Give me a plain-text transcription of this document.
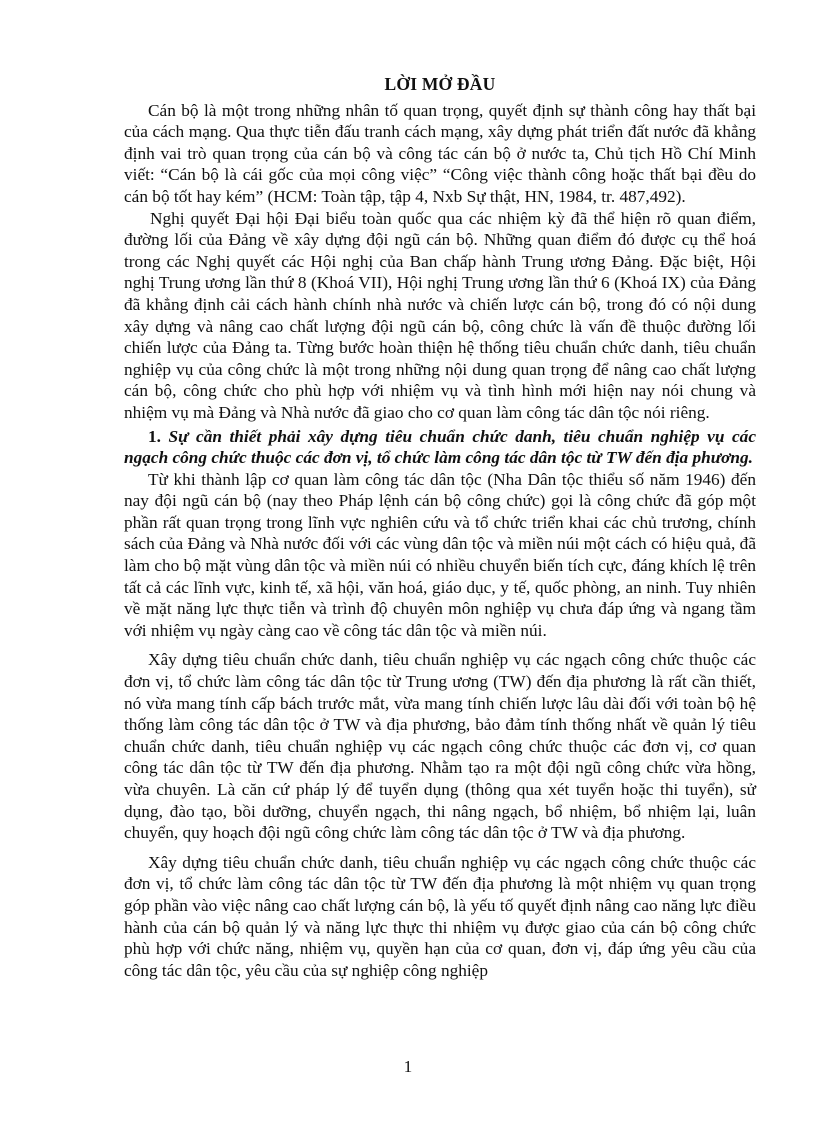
LỜI MỞ ĐẦU

Cán bộ là một trong những nhân tố quan trọng, quyết định sự thành công hay thất bại của cách mạng. Qua thực tiễn đấu tranh cách mạng, xây dựng phát triển đất nước đã khẳng định vai trò quan trọng của cán bộ và công tác cán bộ ở nước ta, Chủ tịch Hồ Chí Minh viết: “Cán bộ là cái gốc của mọi công việc” “Công việc thành công hoặc thất bại đều do cán bộ tốt hay kém” (HCM: Toàn tập, tập 4, Nxb Sự thật, HN, 1984, tr. 487,492).

Nghị quyết Đại hội Đại biểu toàn quốc qua các nhiệm kỳ đã thể hiện rõ quan điểm, đường lối của Đảng về xây dựng đội ngũ cán bộ. Những quan điểm đó được cụ thể hoá trong các Nghị quyết các Hội nghị của Ban chấp hành Trung ương Đảng. Đặc biệt, Hội nghị Trung ương lần thứ 8 (Khoá VII), Hội nghị Trung ương lần thứ 6 (Khoá IX) của Đảng đã khẳng định cải cách hành chính nhà nước và chiến lược cán bộ, trong đó có nội dung xây dựng và nâng cao chất lượng đội ngũ cán bộ, công chức là vấn đề thuộc đường lối chiến lược của Đảng ta. Từng bước hoàn thiện hệ thống tiêu chuẩn chức danh, tiêu chuẩn nghiệp vụ của công chức là một trong những nội dung quan trọng để nâng cao chất lượng cán bộ, công chức cho phù hợp với nhiệm vụ và tình hình mới hiện nay nói chung và nhiệm vụ mà Đảng và Nhà nước đã giao cho cơ quan làm công tác dân tộc nói riêng.

1. Sự cần thiết phải xây dựng tiêu chuẩn chức danh, tiêu chuẩn nghiệp vụ các ngạch công chức thuộc các đơn vị, tổ chức làm công tác dân tộc từ TW đến địa phương.

Từ khi thành lập cơ quan làm công tác dân tộc (Nha Dân tộc thiểu số năm 1946) đến nay đội ngũ cán bộ (nay theo Pháp lệnh cán bộ công chức) gọi là công chức đã góp một phần rất quan trọng trong lĩnh vực nghiên cứu và tổ chức triển khai các chủ trương, chính sách của Đảng và Nhà nước đối với các vùng dân tộc và miền núi một cách có hiệu quả, đã làm cho bộ mặt vùng dân tộc và miền núi có nhiều chuyển biến tích cực, đáng khích lệ trên tất cả các lĩnh vực, kinh tế, xã hội, văn hoá, giáo dục, y tế, quốc phòng, an ninh. Tuy nhiên về mặt năng lực thực tiễn và trình độ chuyên môn nghiệp vụ chưa đáp ứng và ngang tầm với nhiệm vụ ngày càng cao về công tác dân tộc và miền núi.

Xây dựng tiêu chuẩn chức danh, tiêu chuẩn nghiệp vụ các ngạch công chức thuộc các đơn vị, tổ chức làm công tác dân tộc từ Trung ương (TW) đến địa phương là rất cần thiết, nó vừa mang tính cấp bách trước mắt, vừa mang tính chiến lược lâu dài đối với toàn bộ hệ thống làm công tác dân tộc ở TW và địa phương, bảo đảm tính thống nhất về quản lý tiêu chuẩn chức danh, tiêu chuẩn nghiệp vụ các ngạch công chức thuộc các đơn vị, cơ quan công tác dân tộc từ TW đến địa phương. Nhằm tạo ra một đội ngũ công chức vừa hồng, vừa chuyên. Là căn cứ pháp lý để tuyển dụng (thông qua xét tuyển hoặc thi tuyển), sử dụng, đào tạo, bồi dưỡng, chuyển ngạch, thi nâng ngạch, bổ nhiệm, bổ nhiệm lại, luân chuyển, quy hoạch đội ngũ công chức làm công tác dân tộc ở TW và địa phương.

Xây dựng tiêu chuẩn chức danh, tiêu chuẩn nghiệp vụ các ngạch công chức thuộc các đơn vị, tổ chức làm công tác dân tộc từ TW đến địa phương là một nhiệm vụ quan trọng góp phần vào việc nâng cao chất lượng cán bộ, là yếu tố quyết định nâng cao năng lực điều hành của cán bộ quản lý và năng lực thực thi nhiệm vụ được giao của cán bộ công chức phù hợp với chức năng, nhiệm vụ, quyền hạn của cơ quan, đơn vị, đáp ứng yêu cầu của công tác dân tộc, yêu cầu của sự nghiệp công nghiệp

1
